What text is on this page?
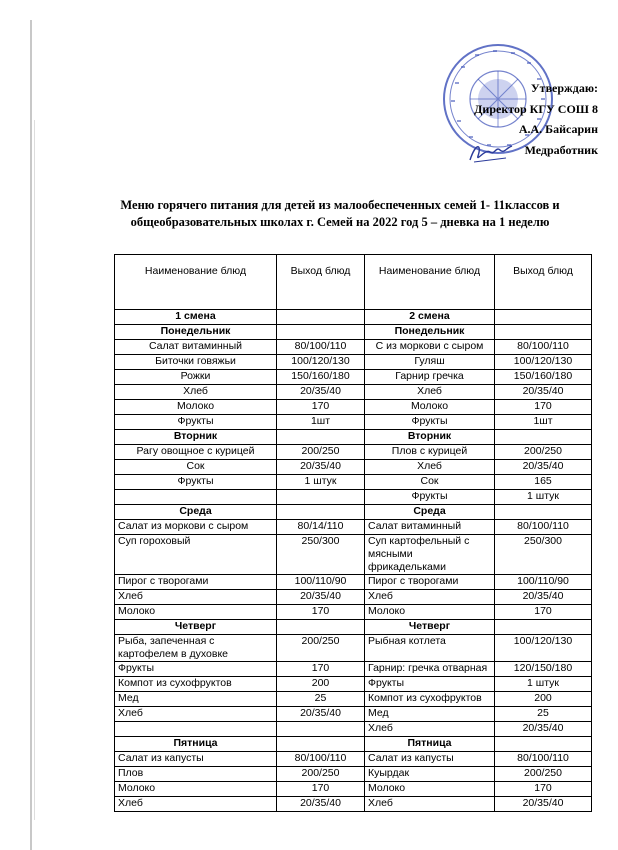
Утверждаю:
Директор КГУ СОШ 8
А.А. Байсарин
Медработник
Меню горячего питания для детей из малообеспеченных семей 1- 11классов и
общеобразовательных школах г. Семей на 2022 год 5 – дневка на 1 неделю
Наименование блюд	Выход блюд	Наименование блюд	Выход блюд
1 смена		2 смена	
Понедельник		Понедельник	
Салат витаминный	80/100/110	С из моркови с сыром	80/100/110
Биточки говяжьи	100/120/130	Гуляш	100/120/130
Рожки	150/160/180	Гарнир гречка	150/160/180
Хлеб	20/35/40	Хлеб	20/35/40
Молоко	170	Молоко	170
Фрукты	1шт	Фрукты	1шт
Вторник		Вторник	
Рагу овощное с курицей	200/250	Плов с курицей	200/250
Сок	20/35/40	Хлеб	20/35/40
Фрукты	1 штук	Сок	165
		Фрукты	1 штук
Среда		Среда	
Салат из моркови с сыром	80/14/110	Салат витаминный	80/100/110
Суп гороховый	250/300	Суп картофельный с мясными фрикадельками	250/300
Пирог с творогами	100/110/90	Пирог с творогами	100/110/90
Хлеб	20/35/40	Хлеб	20/35/40
Молоко	170	Молоко	170
Четверг		Четверг	
Рыба, запеченная с картофелем в духовке	200/250	Рыбная котлета	100/120/130
Фрукты	170	Гарнир: гречка отварная	120/150/180
Компот из сухофруктов	200	Фрукты	1 штук
Мед	25	Компот из сухофруктов	200
Хлеб	20/35/40	Мед	25
		Хлеб	20/35/40
Пятница		Пятница	
Салат из капусты	80/100/110	Салат из капусты	80/100/110
Плов	200/250	Куырдак	200/250
Молоко	170	Молоко	170
Хлеб	20/35/40	Хлеб	20/35/40
